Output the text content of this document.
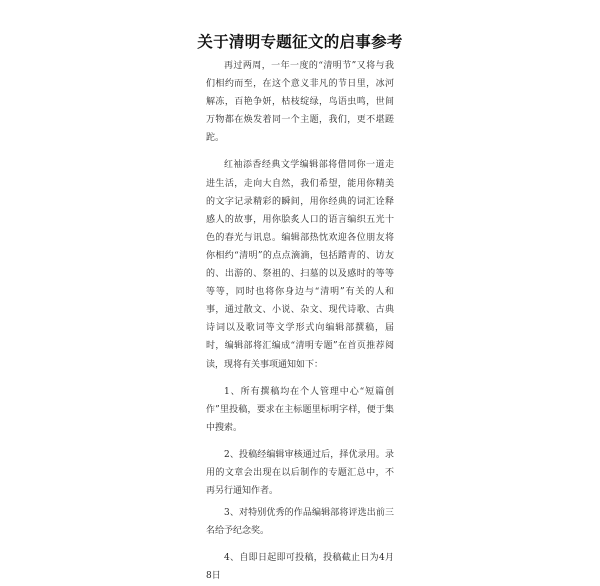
关于清明专题征文的启事参考

再过两周，一年一度的“清明节”又将与我们相约而至，在这个意义非凡的节日里，冰河解冻，百艳争妍，枯枝绽绿，鸟语虫鸣，世间万物都在焕发着同一个主题，我们，更不堪蹉跎。

红袖添香经典文学编辑部将借同你一道走进生活，走向大自然，我们希望，能用你精美的文字记录精彩的瞬间，用你经典的词汇诠释感人的故事，用你脍炙人口的语言编织五光十色的春光与讯息。编辑部热忱欢迎各位朋友将你相约“清明”的点点滴滴，包括踏青的、访友的、出游的、祭祖的、扫墓的以及感时的等等等等，同时也将你身边与“清明”有关的人和事，通过散文、小说、杂文、现代诗歌、古典诗词以及歌词等文学形式向编辑部撰稿，届时，编辑部将汇编成“清明专题”在首页推荐阅读，现将有关事项通知如下：

1、所有撰稿均在个人管理中心“短篇创作”里投稿，要求在主标题里标明字样，便于集中搜索。

2、投稿经编辑审核通过后，择优录用。录用的文章会出现在以后制作的专题汇总中，不再另行通知作者。

3、对特别优秀的作品编辑部将评选出前三名给予纪念奖。

4、自即日起即可投稿，投稿截止日为4月8日
